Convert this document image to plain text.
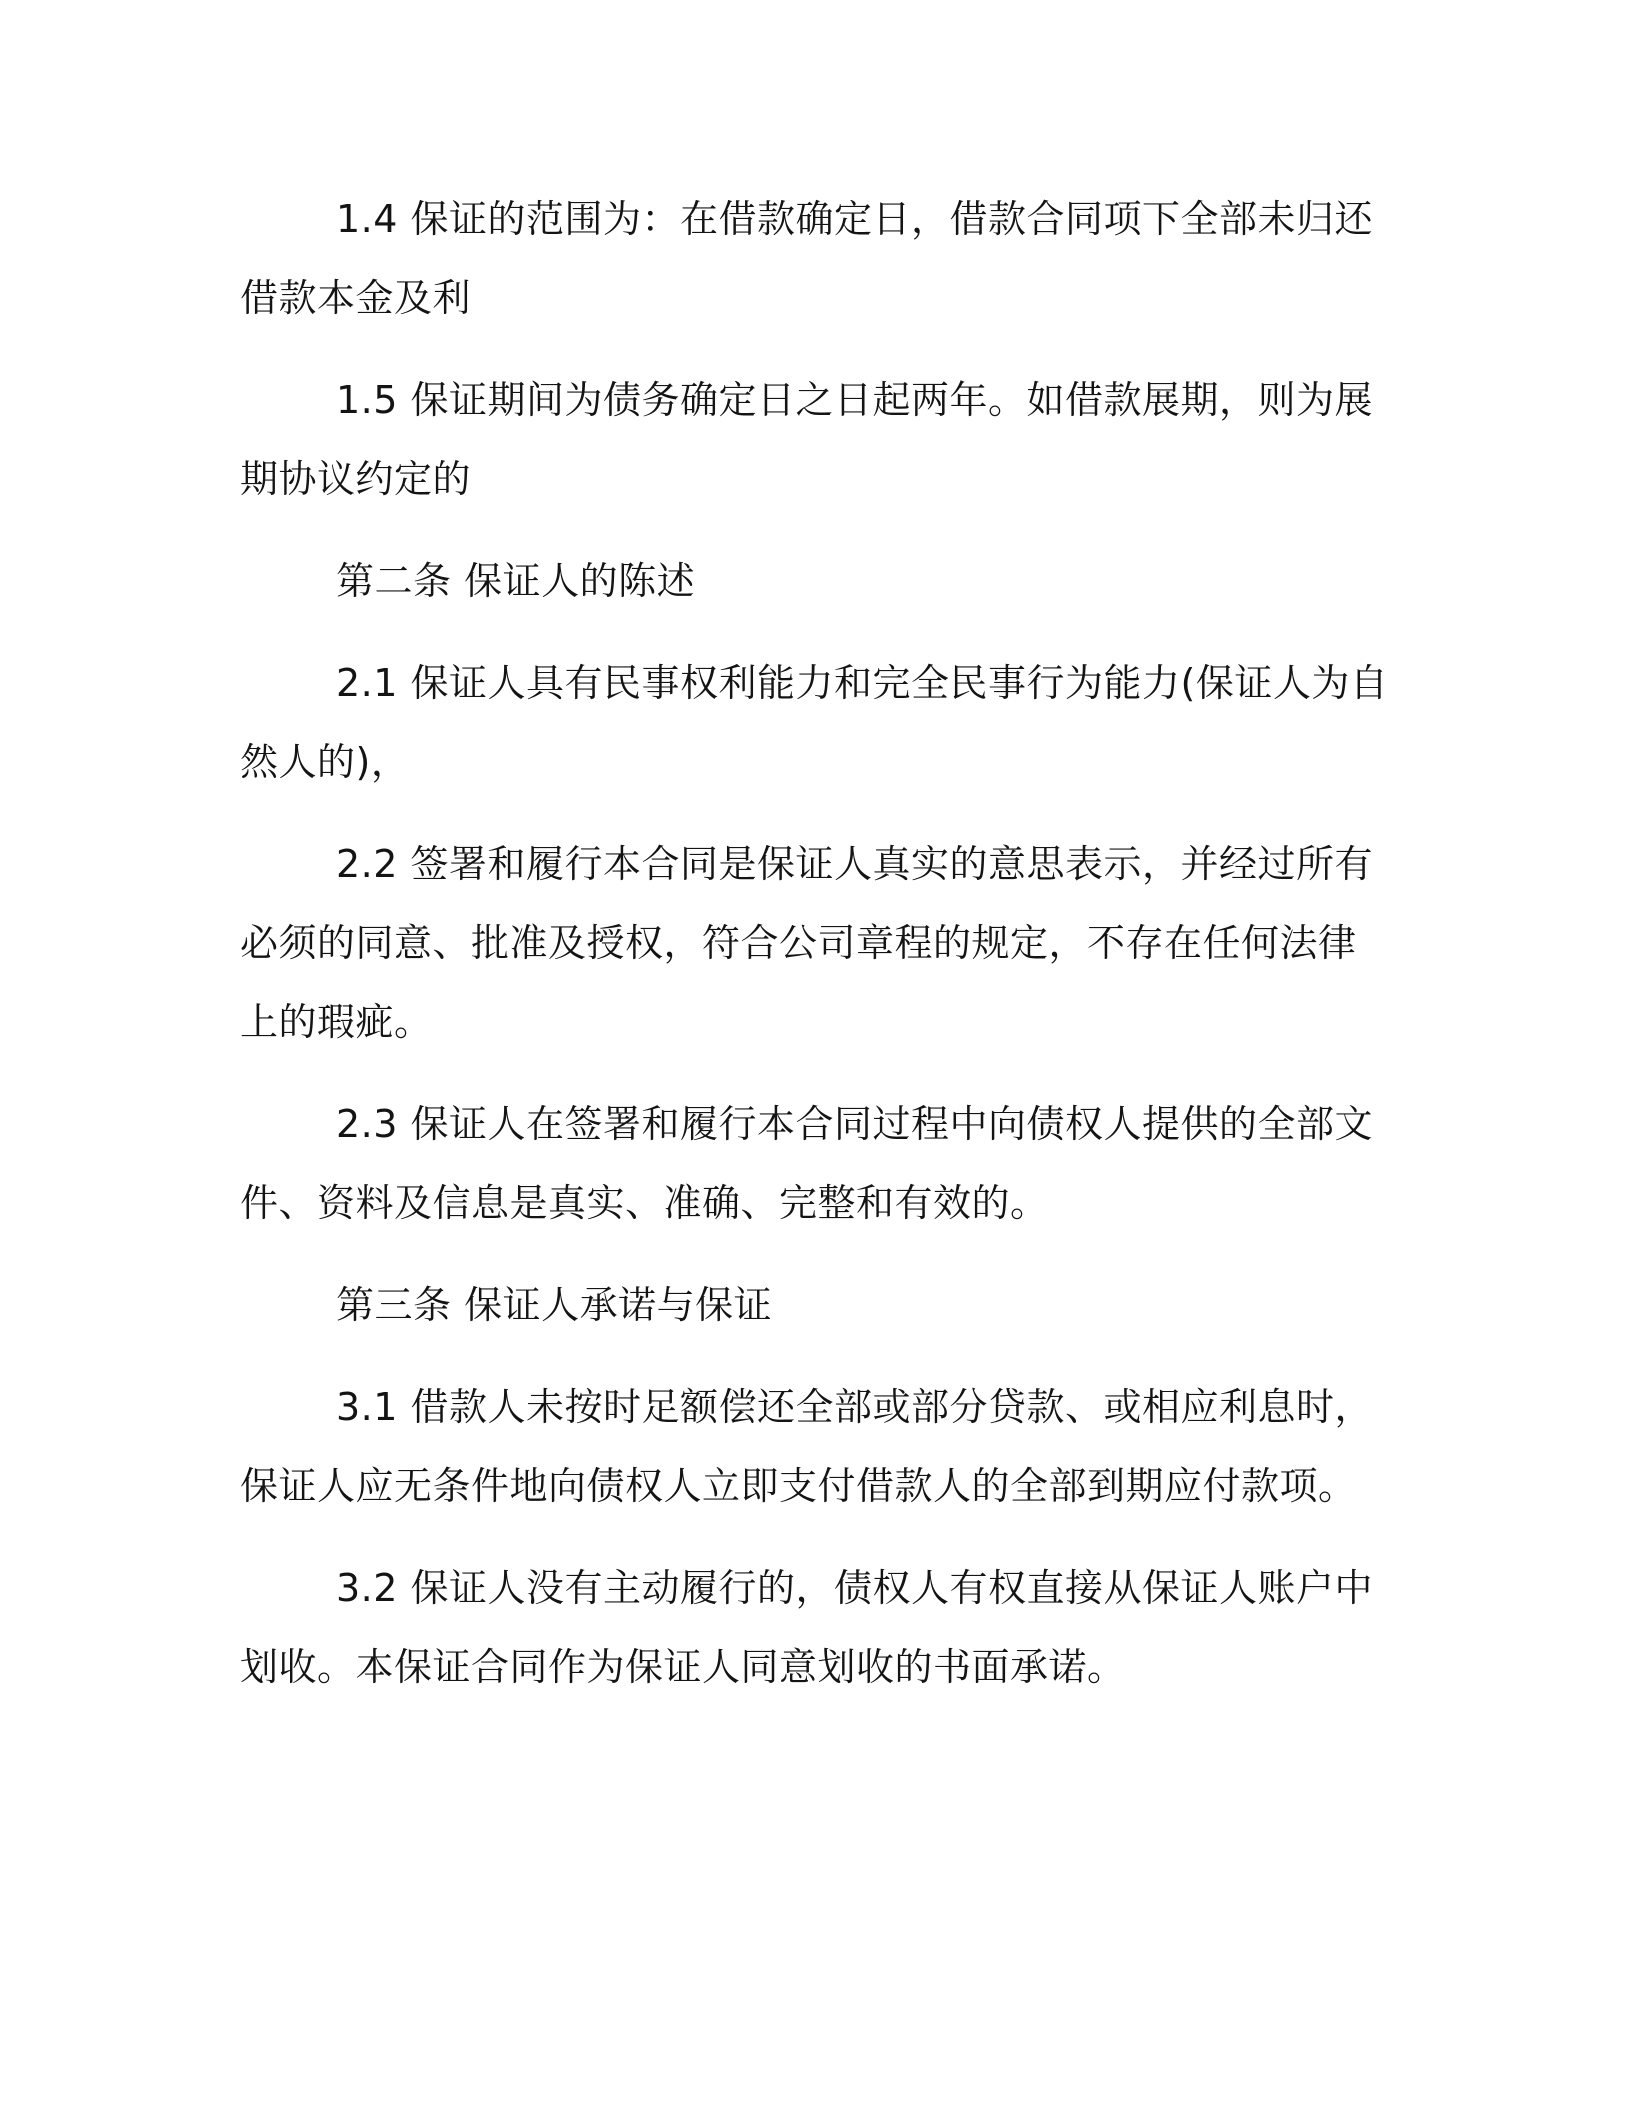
1.4 保证的范围为：在借款确定日，借款合同项下全部未归还借款本金及利

1.5 保证期间为债务确定日之日起两年。如借款展期，则为展期协议约定的

第二条 保证人的陈述

2.1 保证人具有民事权利能力和完全民事行为能力(保证人为自然人的)，

2.2 签署和履行本合同是保证人真实的意思表示，并经过所有必须的同意、批准及授权，符合公司章程的规定，不存在任何法律上的瑕疵。

2.3 保证人在签署和履行本合同过程中向债权人提供的全部文件、资料及信息是真实、准确、完整和有效的。

第三条 保证人承诺与保证

3.1 借款人未按时足额偿还全部或部分贷款、或相应利息时，保证人应无条件地向债权人立即支付借款人的全部到期应付款项。

3.2 保证人没有主动履行的，债权人有权直接从保证人账户中划收。本保证合同作为保证人同意划收的书面承诺。
